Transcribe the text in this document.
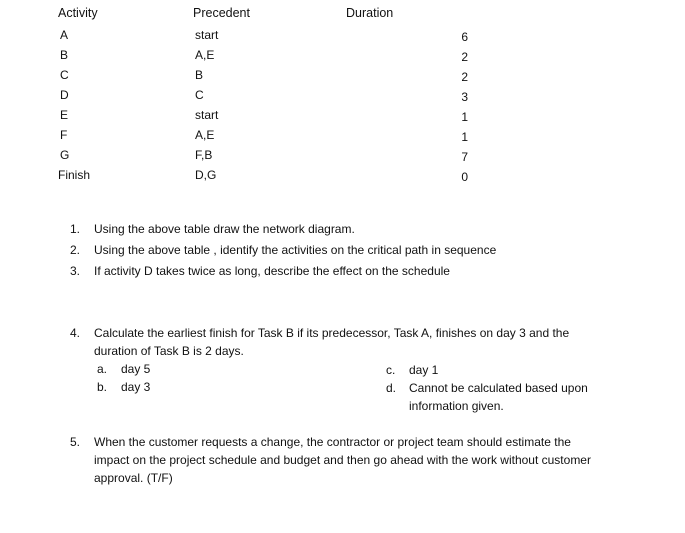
Activity	Precedent	Duration
A	start	6
B	A,E	2
C	B	2
D	C	3
E	start	1
F	A,E	1
G	F,B	7
Finish	D,G	0
1. Using the above table draw the network diagram.
2. Using the above table , identify the activities on the critical path in sequence
3. If activity D takes twice as long, describe the effect on the schedule
4. Calculate the earliest finish for Task B if its predecessor, Task A, finishes on day 3 and the
duration of Task B is 2 days.
a. day 5
b. day 3
c. day 1
d. Cannot be calculated based upon
information given.
5. When the customer requests a change, the contractor or project team should estimate the
impact on the project schedule and budget and then go ahead with the work without customer
approval. (T/F)
